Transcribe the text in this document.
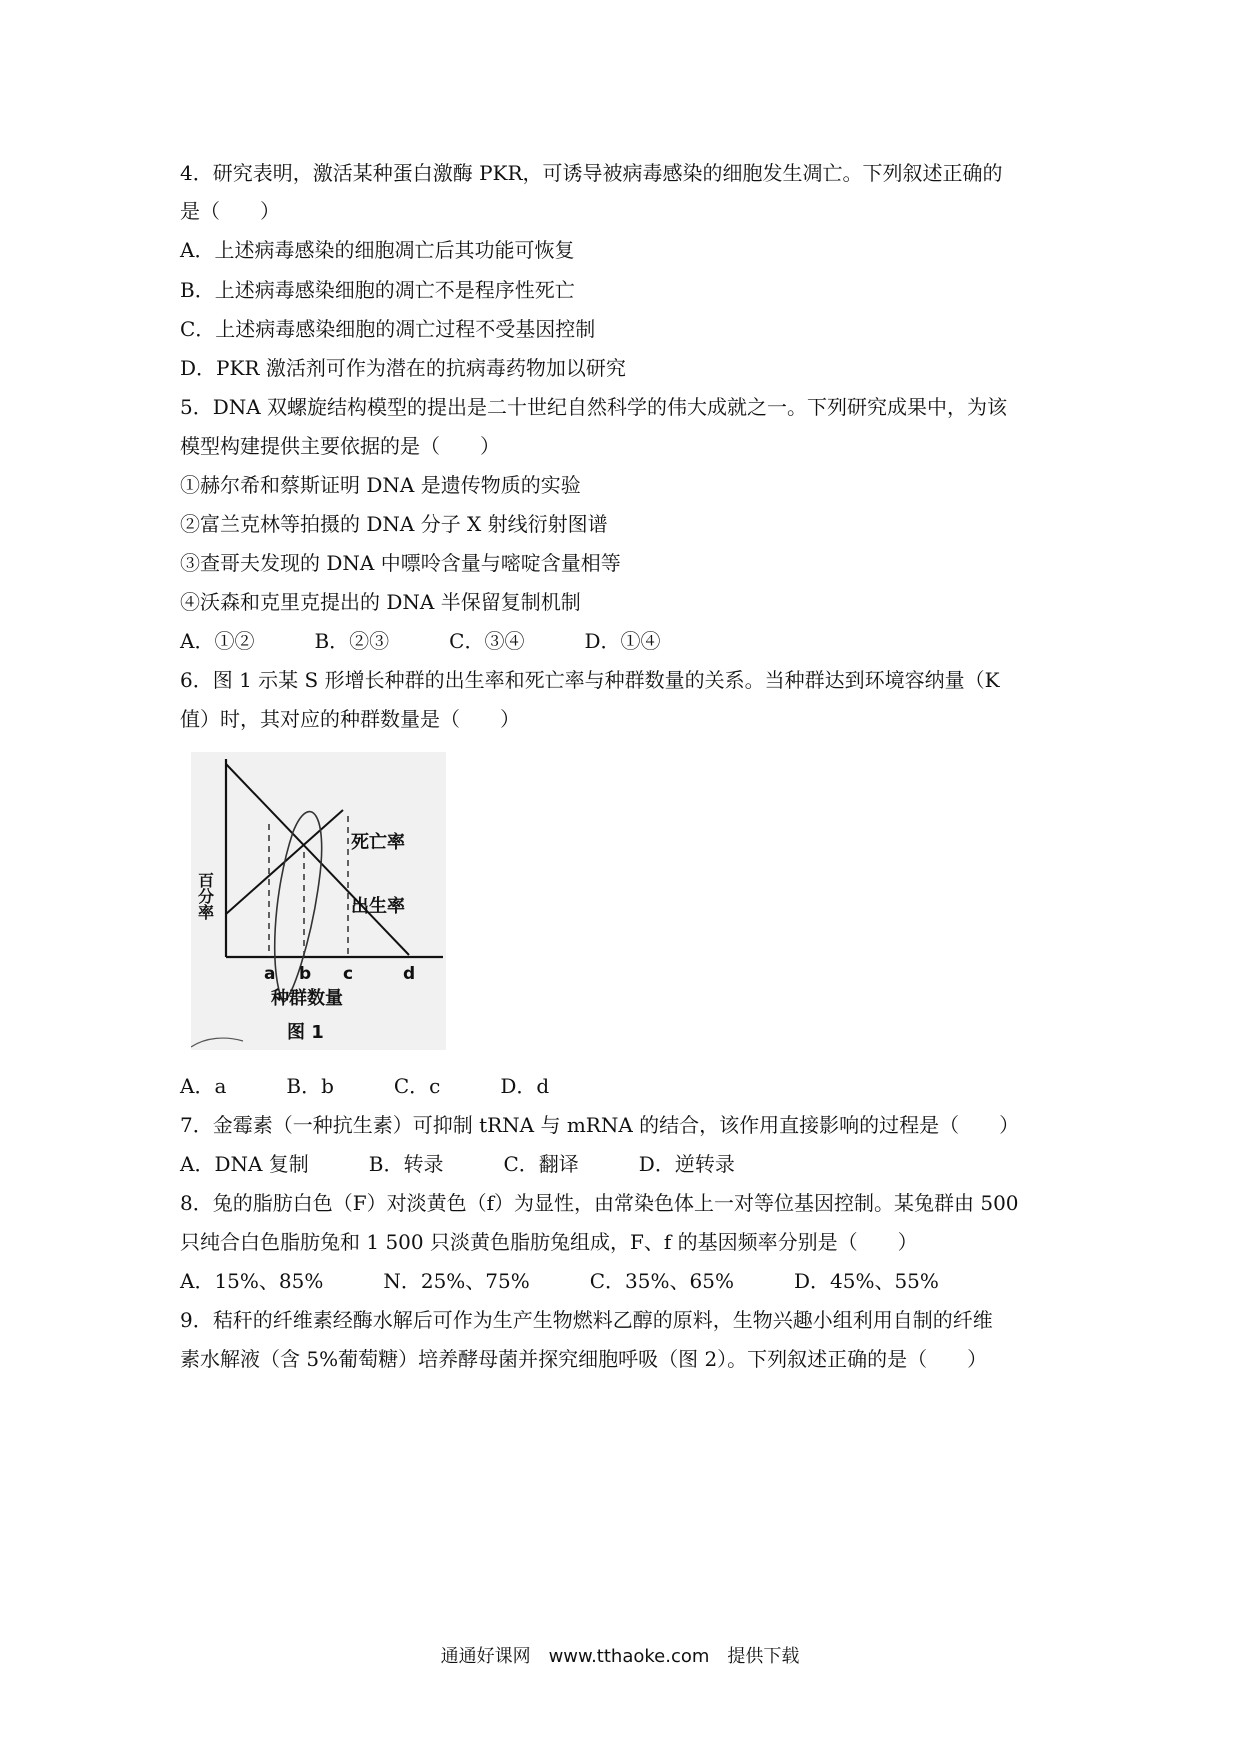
4．研究表明，激活某种蛋白激酶 PKR，可诱导被病毒感染的细胞发生凋亡。下列叙述正确的
是（　　）
A．上述病毒感染的细胞凋亡后其功能可恢复
B．上述病毒感染细胞的凋亡不是程序性死亡
C．上述病毒感染细胞的凋亡过程不受基因控制
D．PKR 激活剂可作为潜在的抗病毒药物加以研究
5．DNA 双螺旋结构模型的提出是二十世纪自然科学的伟大成就之一。下列研究成果中，为该
模型构建提供主要依据的是（　　）
①赫尔希和蔡斯证明 DNA 是遗传物质的实验
②富兰克林等拍摄的 DNA 分子 X 射线衍射图谱
③查哥夫发现的 DNA 中嘌呤含量与嘧啶含量相等
④沃森和克里克提出的 DNA 半保留复制机制
A．①②　　　B．②③　　　C．③④　　　D．①④
6．图 1 示某 S 形增长种群的出生率和死亡率与种群数量的关系。当种群达到环境容纳量（K
值）时，其对应的种群数量是（　　）
百分率
死亡率
出生率
a b c	d
种群数量
图 1
A．a　　　B．b　　　C．c　　　D．d
7．金霉素（一种抗生素）可抑制 tRNA 与 mRNA 的结合，该作用直接影响的过程是（　　）
A．DNA 复制　　　B．转录　　　C．翻译　　　D．逆转录
8．兔的脂肪白色（F）对淡黄色（f）为显性，由常染色体上一对等位基因控制。某兔群由 500
只纯合白色脂肪兔和 1 500 只淡黄色脂肪兔组成，F、f 的基因频率分别是（　　）
A．15%、85%　　　N．25%、75%　　　C．35%、65%　　　D．45%、55%
9．秸秆的纤维素经酶水解后可作为生产生物燃料乙醇的原料，生物兴趣小组利用自制的纤维
素水解液（含 5%葡萄糖）培养酵母菌并探究细胞呼吸（图 2）。下列叙述正确的是（　　）
通通好课网　www.tthaoke.com　提供下载
